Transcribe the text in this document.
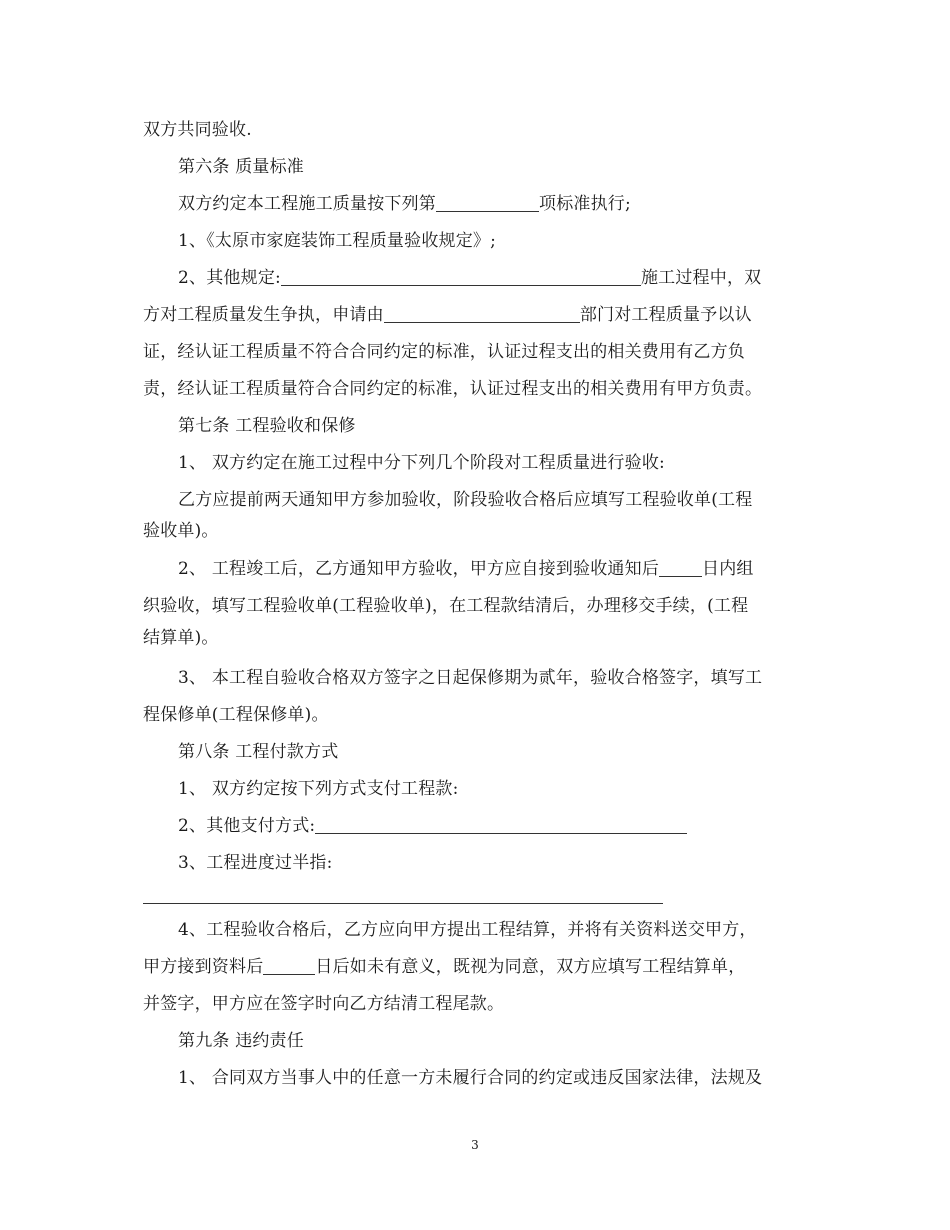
双方共同验收.
第六条 质量标准
双方约定本工程施工质量按下列第	项标准执行;
1、《太原市家庭装饰工程质量验收规定》;
2、其他规定:	施工过程中，双
方对工程质量发生争执，申请由	部门对工程质量予以认
证，经认证工程质量不符合合同约定的标准，认证过程支出的相关费用有乙方负
责，经认证工程质量符合合同约定的标准，认证过程支出的相关费用有甲方负责。
第七条 工程验收和保修
1、 双方约定在施工过程中分下列几个阶段对工程质量进行验收:
乙方应提前两天通知甲方参加验收，阶段验收合格后应填写工程验收单(工程
验收单)。
2、 工程竣工后，乙方通知甲方验收，甲方应自接到验收通知后	日内组
织验收，填写工程验收单(工程验收单)，在工程款结清后，办理移交手续，(工程
结算单)。
3、 本工程自验收合格双方签字之日起保修期为贰年，验收合格签字，填写工
程保修单(工程保修单)。
第八条 工程付款方式
1、 双方约定按下列方式支付工程款:
2、其他支付方式:
3、工程进度过半指:
4、工程验收合格后，乙方应向甲方提出工程结算，并将有关资料送交甲方，
甲方接到资料后	日后如未有意义，既视为同意，双方应填写工程结算单，
并签字，甲方应在签字时向乙方结清工程尾款。
第九条 违约责任
1、 合同双方当事人中的任意一方未履行合同的约定或违反国家法律，法规及
3
